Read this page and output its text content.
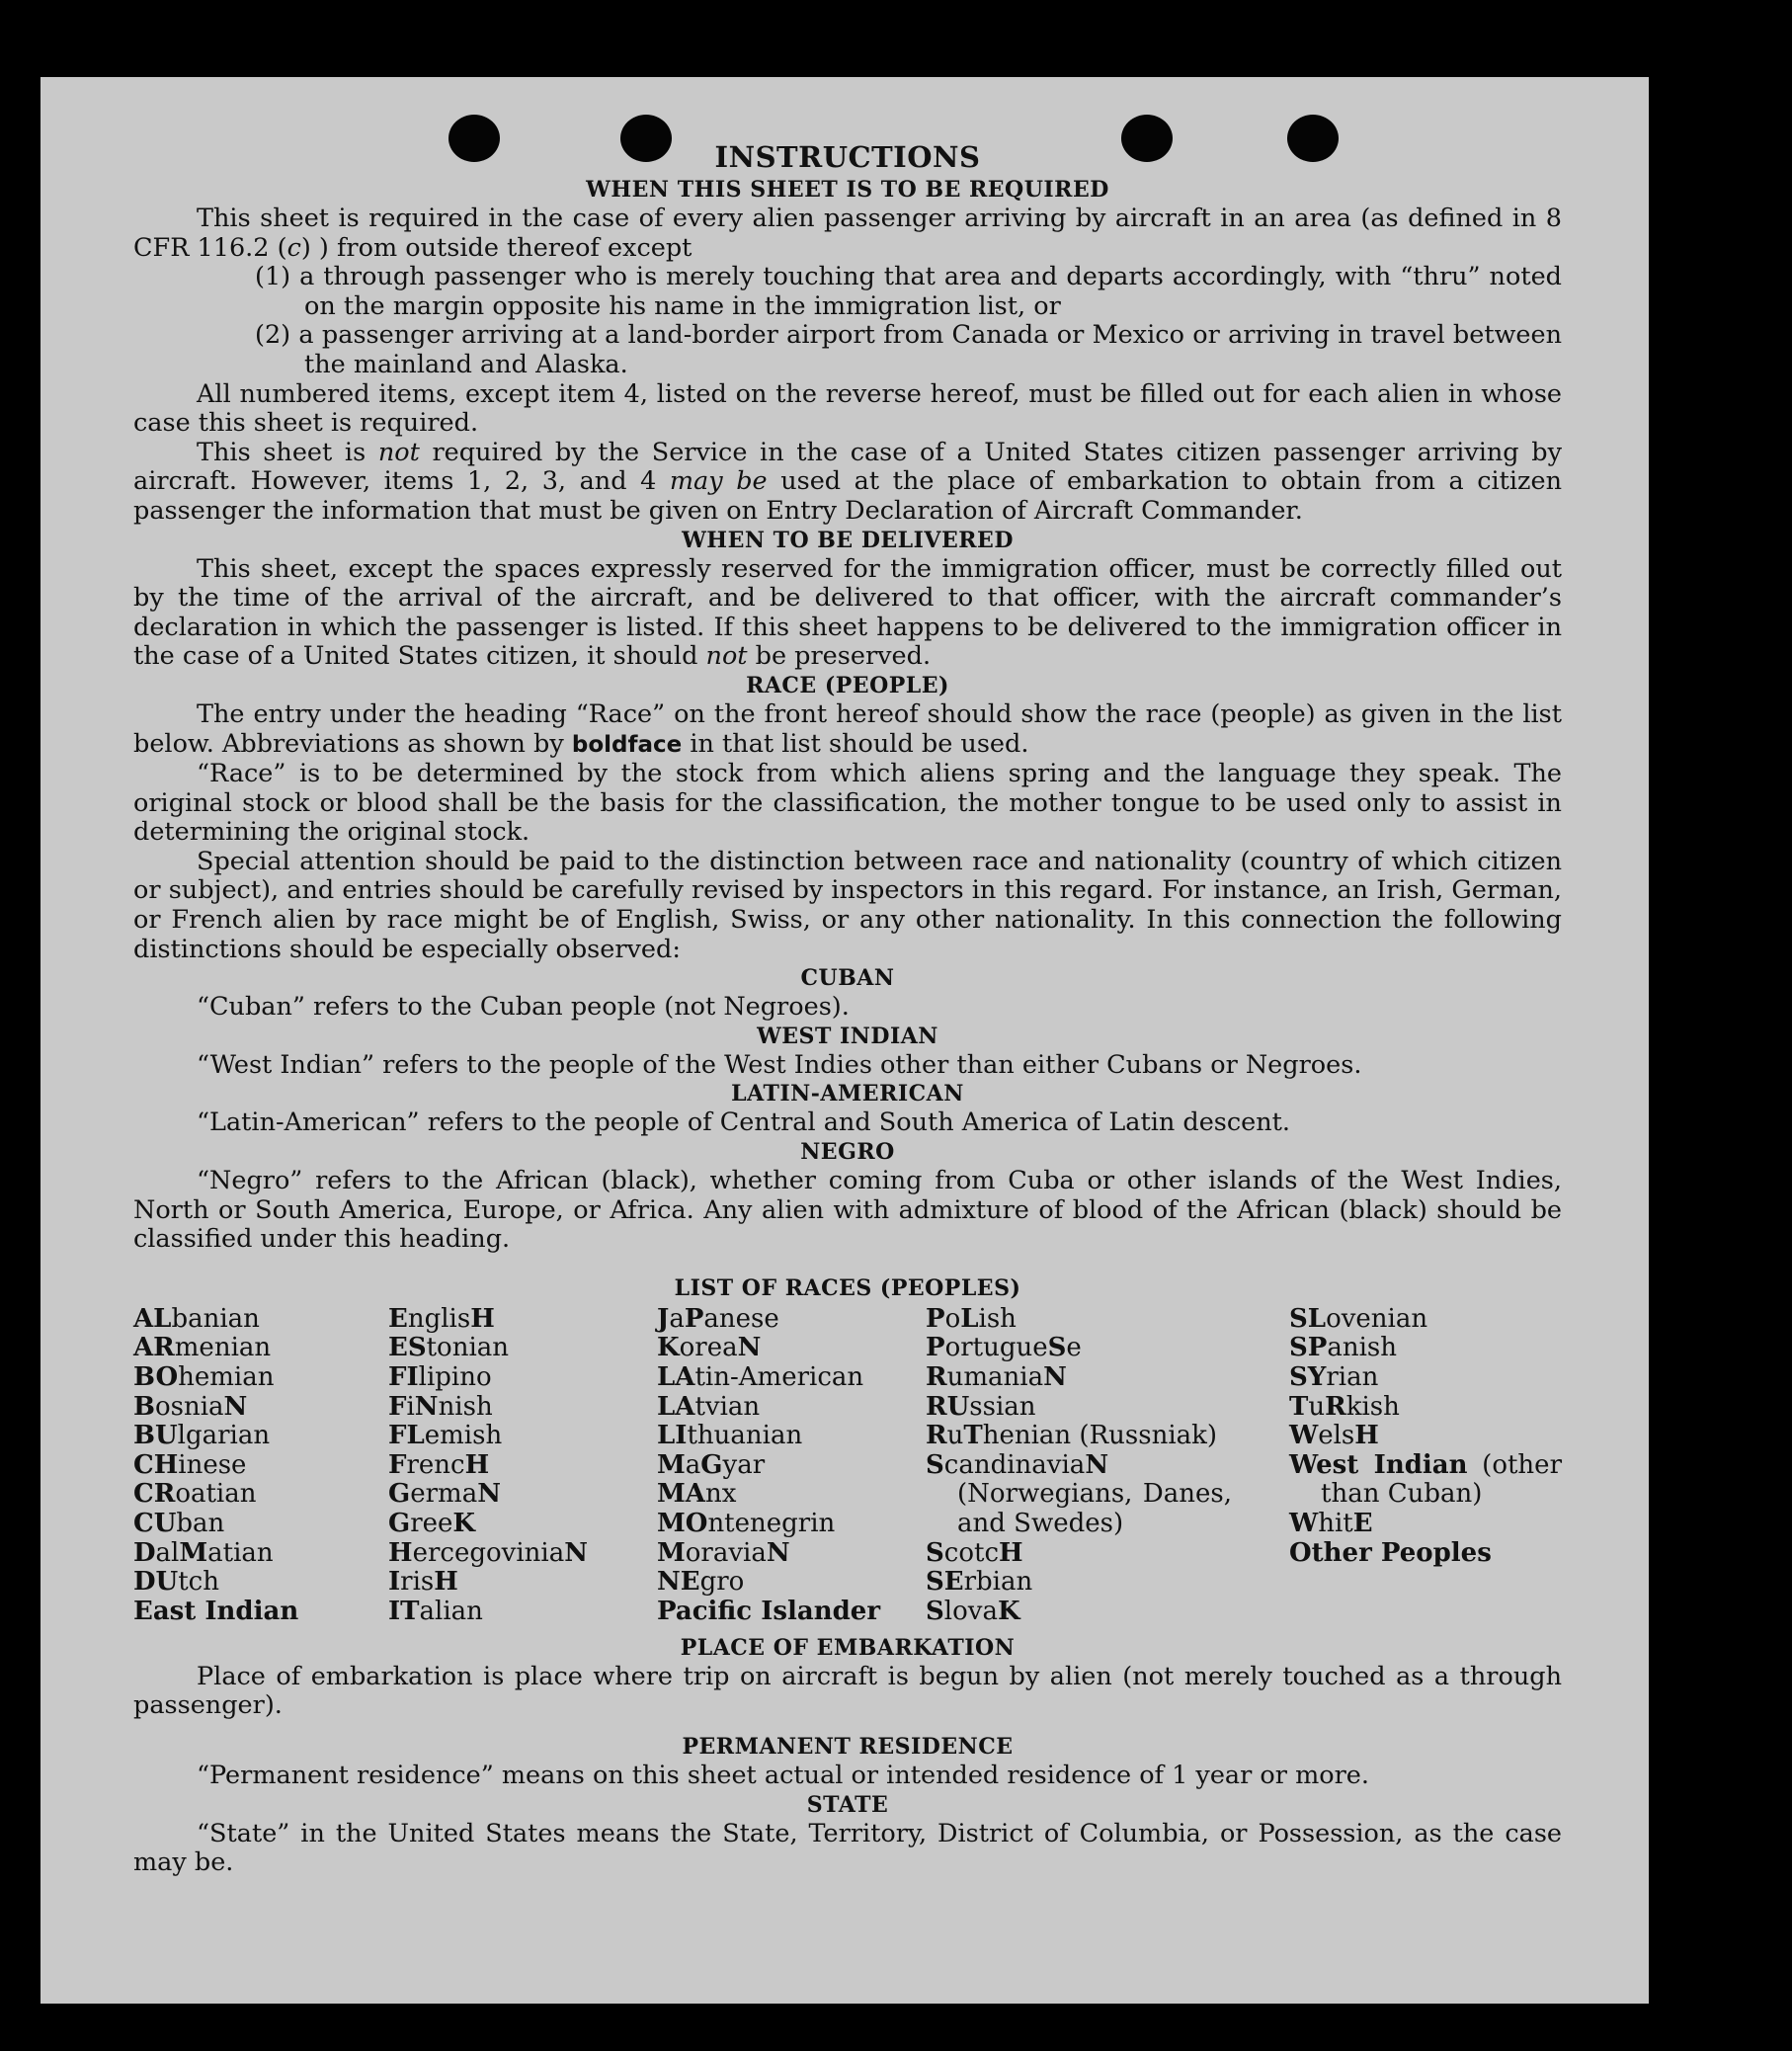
INSTRUCTIONS
WHEN THIS SHEET IS TO BE REQUIRED

This sheet is required in the case of every alien passenger arriving by aircraft in an area (as defined in 8 CFR 116.2 (c) ) from outside thereof except

(1) a through passenger who is merely touching that area and departs accordingly, with “thru” noted on the margin opposite his name in the immigration list, or
(2) a passenger arriving at a land-border airport from Canada or Mexico or arriving in travel between the mainland and Alaska.

All numbered items, except item 4, listed on the reverse hereof, must be filled out for each alien in whose case this sheet is required.

This sheet is not required by the Service in the case of a United States citizen passenger arriving by aircraft. However, items 1, 2, 3, and 4 may be used at the place of embarkation to obtain from a citizen passenger the information that must be given on Entry Declaration of Aircraft Commander.

WHEN TO BE DELIVERED

This sheet, except the spaces expressly reserved for the immigration officer, must be correctly filled out by the time of the arrival of the aircraft, and be delivered to that officer, with the aircraft commander’s declaration in which the passenger is listed. If this sheet happens to be delivered to the immigration officer in the case of a United States citizen, it should not be preserved.

RACE (PEOPLE)

The entry under the heading “Race” on the front hereof should show the race (people) as given in the list below. Abbreviations as shown by boldface in that list should be used.

“Race” is to be determined by the stock from which aliens spring and the language they speak. The original stock or blood shall be the basis for the classification, the mother tongue to be used only to assist in determining the original stock.

Special attention should be paid to the distinction between race and nationality (country of which citizen or subject), and entries should be carefully revised by inspectors in this regard. For instance, an Irish, German, or French alien by race might be of English, Swiss, or any other nationality. In this connection the following distinctions should be especially observed:

CUBAN

“Cuban” refers to the Cuban people (not Negroes).

WEST INDIAN

“West Indian” refers to the people of the West Indies other than either Cubans or Negroes.

LATIN-AMERICAN

“Latin-American” refers to the people of Central and South America of Latin descent.

NEGRO

“Negro” refers to the African (black), whether coming from Cuba or other islands of the West Indies, North or South America, Europe, or Africa. Any alien with admixture of blood of the African (black) should be classified under this heading.

LIST OF RACES (PEOPLES)
ALbanian
ARmenian
BOhemian
BosniaN
BUlgarian
CHinese
CRoatian
CUban
DalMatian
DUtch
East Indian
EnglisH
EStonian
FIlipino
FiNnish
FLemish
FrencH
GermaN
GreeK
HercegoviniaN
IrisH
ITalian
JaPanese
KoreaN
LAtin-American
LAtvian
LIthuanian
MaGyar
MAnx
MOntenegrin
MoraviaN
NEgro
Pacific Islander
PoLish
PortugueSe
RumaniaN
RUssian
RuThenian (Russniak)
ScandinaviaN (Norwegians, Danes, and Swedes)
ScotcH
SErbian
SlovaK
SLovenian
SPanish
SYrian
TuRkish
WelsH
West Indian (other than Cuban)
WhitE
Other Peoples
PLACE OF EMBARKATION

Place of embarkation is place where trip on aircraft is begun by alien (not merely touched as a through passenger).

PERMANENT RESIDENCE

“Permanent residence” means on this sheet actual or intended residence of 1 year or more.

STATE

“State” in the United States means the State, Territory, District of Columbia, or Possession, as the case may be.
